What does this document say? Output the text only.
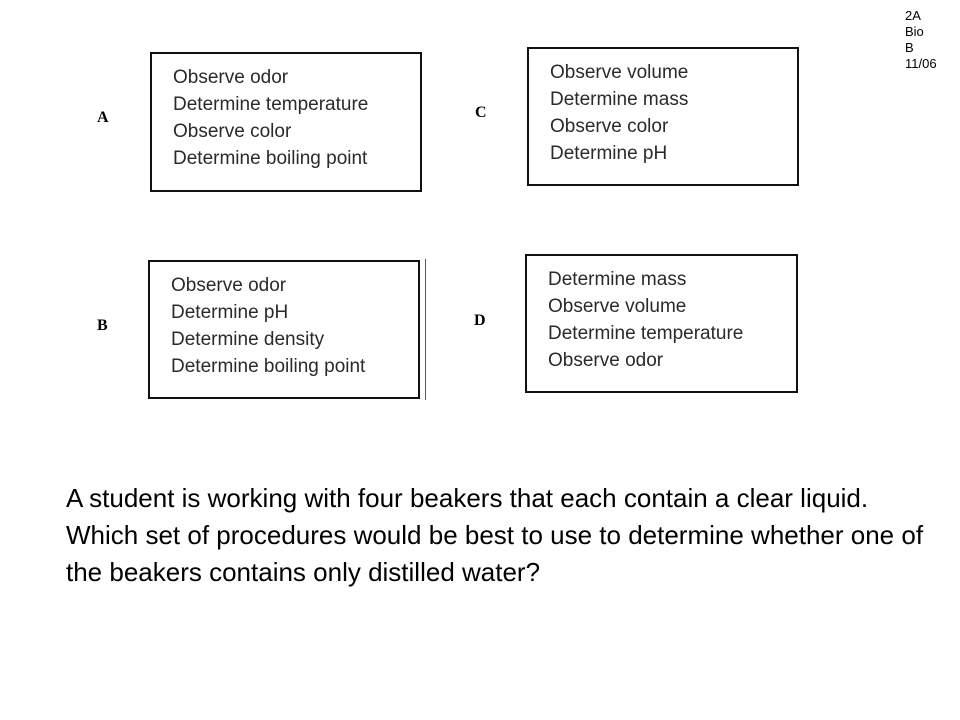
2A
Bio
B
11/06
A
Observe odor
Determine temperature
Observe color
Determine boiling point
C
Observe volume
Determine mass
Observe color
Determine pH
B
Observe odor
Determine pH
Determine density
Determine boiling point
D
Determine mass
Observe volume
Determine temperature
Observe odor
A student is working with four beakers that each contain a clear liquid. Which set of procedures would be best to use to determine whether one of the beakers contains only distilled water?
